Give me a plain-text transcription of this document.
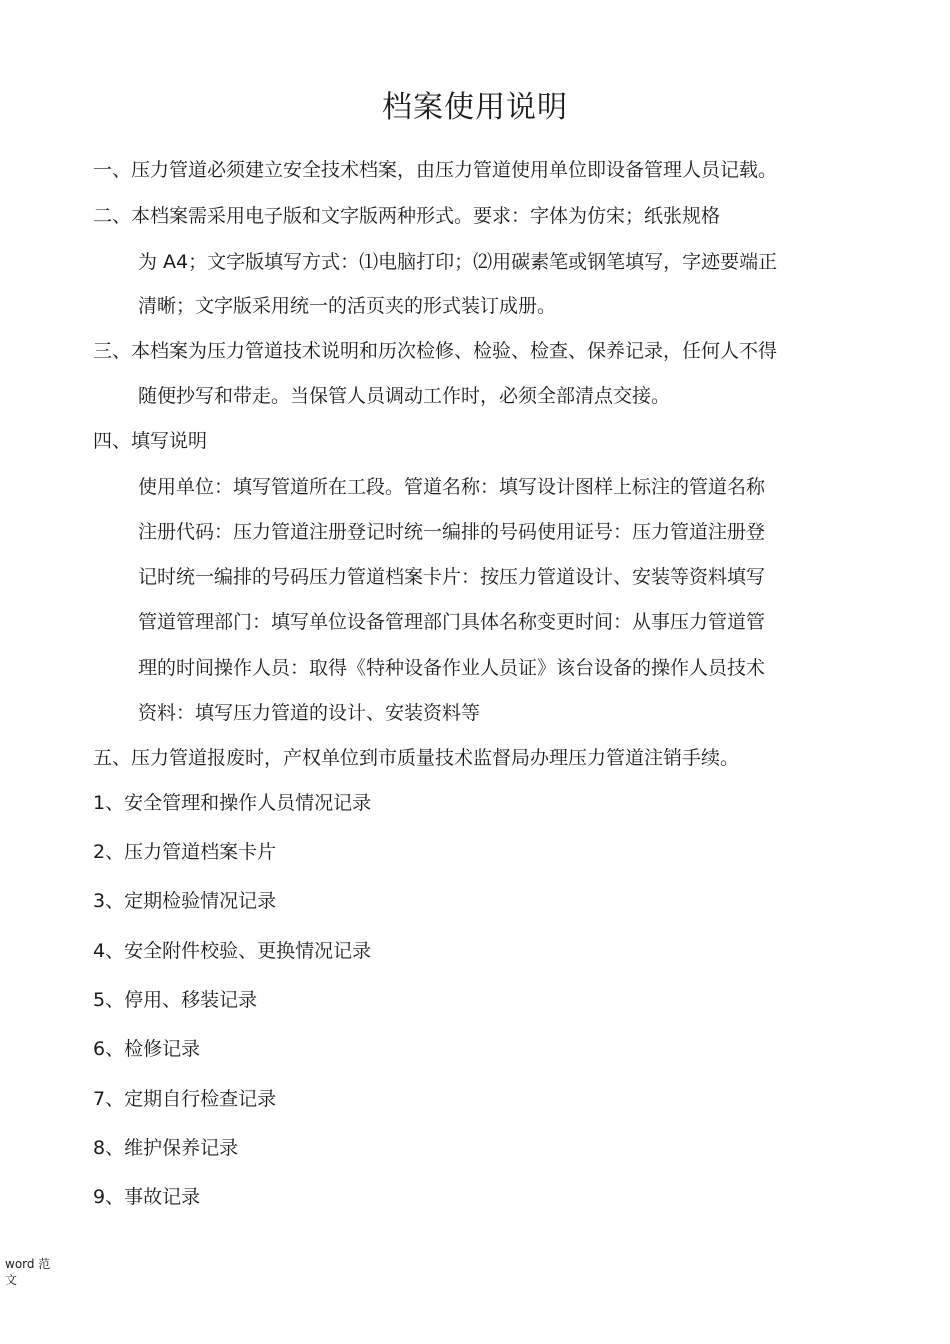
档案使用说明
一、压力管道必须建立安全技术档案，由压力管道使用单位即设备管理人员记载。
二、本档案需采用电子版和文字版两种形式。要求：字体为仿宋；纸张规格
为 A4；文字版填写方式：⑴电脑打印；⑵用碳素笔或钢笔填写，字迹要端正
清晰；文字版采用统一的活页夹的形式装订成册。
三、本档案为压力管道技术说明和历次检修、检验、检查、保养记录，任何人不得
随便抄写和带走。当保管人员调动工作时，必须全部清点交接。
四、填写说明
使用单位：填写管道所在工段。管道名称：填写设计图样上标注的管道名称
注册代码：压力管道注册登记时统一编排的号码使用证号：压力管道注册登
记时统一编排的号码压力管道档案卡片：按压力管道设计、安装等资料填写
管道管理部门：填写单位设备管理部门具体名称变更时间：从事压力管道管
理的时间操作人员：取得《特种设备作业人员证》该台设备的操作人员技术
资料：填写压力管道的设计、安装资料等
五、压力管道报废时，产权单位到市质量技术监督局办理压力管道注销手续。
1、安全管理和操作人员情况记录
2、压力管道档案卡片
3、定期检验情况记录
4、安全附件校验、更换情况记录
5、停用、移装记录
6、检修记录
7、定期自行检查记录
8、维护保养记录
9、事故记录
word 范文
